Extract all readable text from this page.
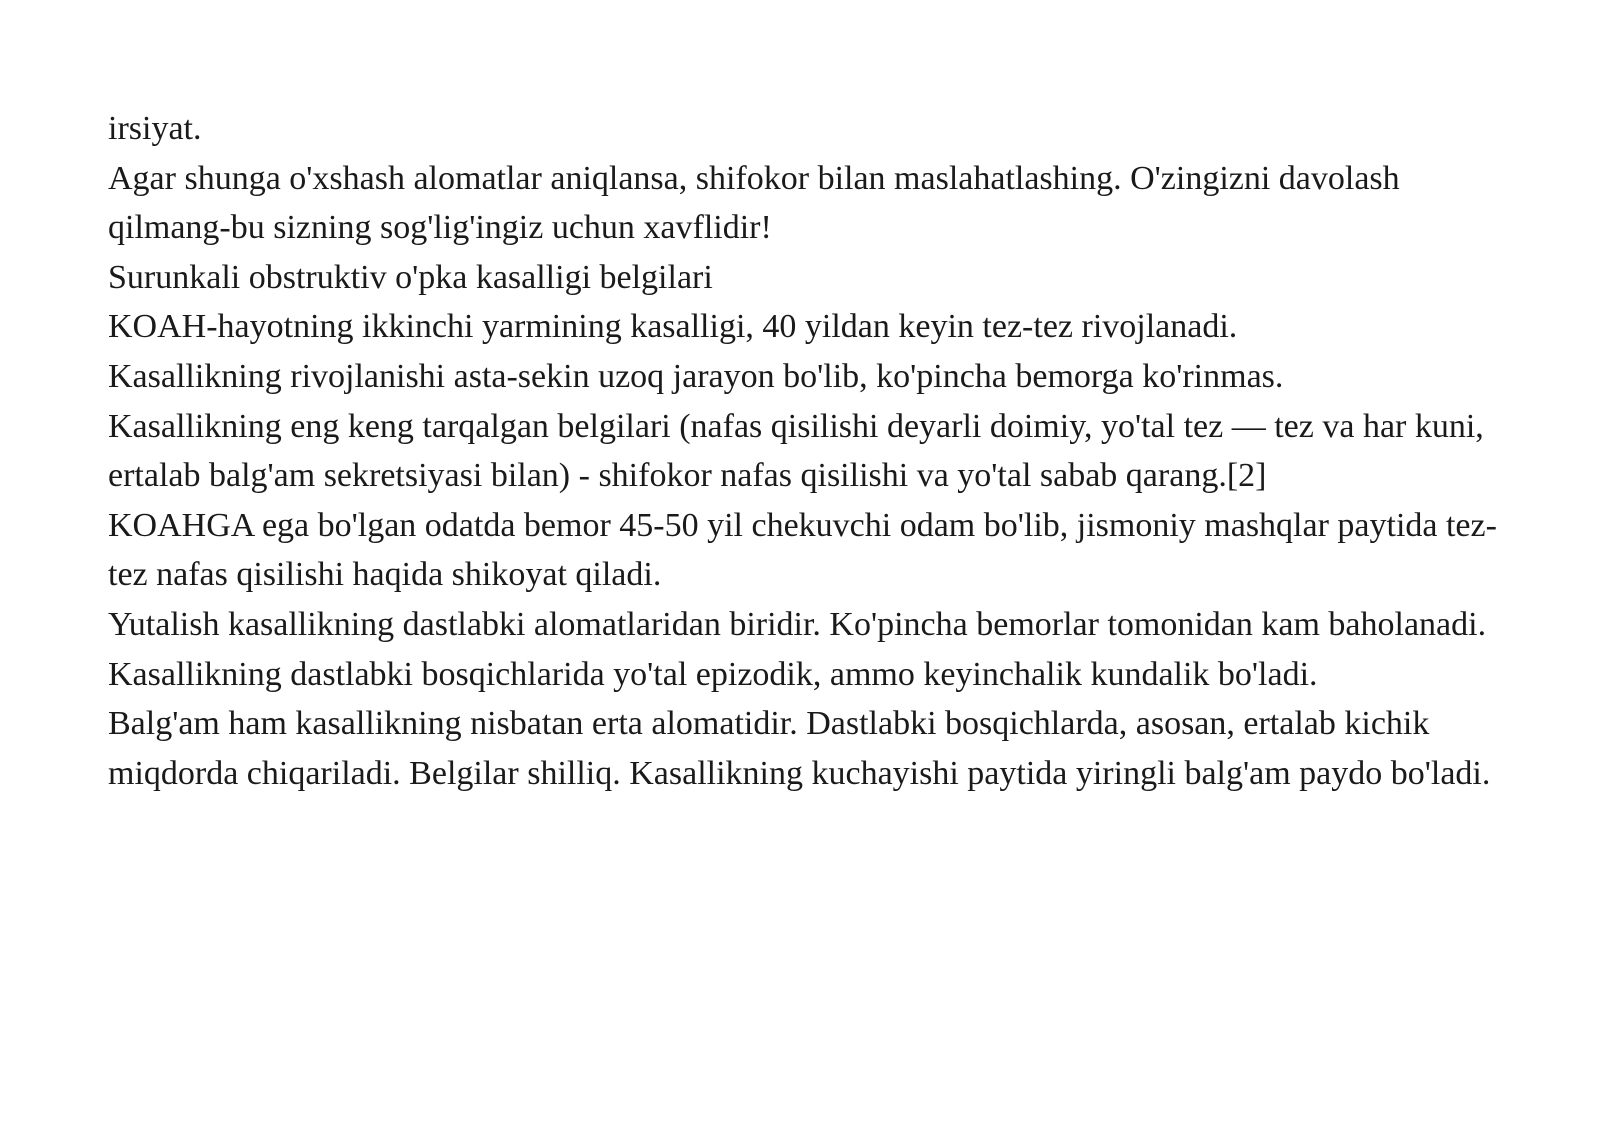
irsiyat.

Agar shunga o'xshash alomatlar aniqlansa, shifokor bilan maslahatlashing. O'zingizni davolash qilmang-bu sizning sog'lig'ingiz uchun xavflidir!

Surunkali obstruktiv o'pka kasalligi belgilari

KOAH-hayotning ikkinchi yarmining kasalligi, 40 yildan keyin tez-tez rivojlanadi.

Kasallikning rivojlanishi asta-sekin uzoq jarayon bo'lib, ko'pincha bemorga ko'rinmas.

Kasallikning eng keng tarqalgan belgilari (nafas qisilishi deyarli doimiy, yo'tal tez — tez va har kuni, ertalab balg'am sekretsiyasi bilan) - shifokor nafas qisilishi va yo'tal sabab qarang.[2]

KOAHGA ega bo'lgan odatda bemor 45-50 yil chekuvchi odam bo'lib, jismoniy mashqlar paytida tez-tez nafas qisilishi haqida shikoyat qiladi.

Yutalish kasallikning dastlabki alomatlaridan biridir. Ko'pincha bemorlar tomonidan kam baholanadi. Kasallikning dastlabki bosqichlarida yo'tal epizodik, ammo keyinchalik kundalik bo'ladi.

Balg'am ham kasallikning nisbatan erta alomatidir. Dastlabki bosqichlarda, asosan, ertalab kichik miqdorda chiqariladi. Belgilar shilliq. Kasallikning kuchayishi paytida yiringli balg'am paydo bo'ladi.
